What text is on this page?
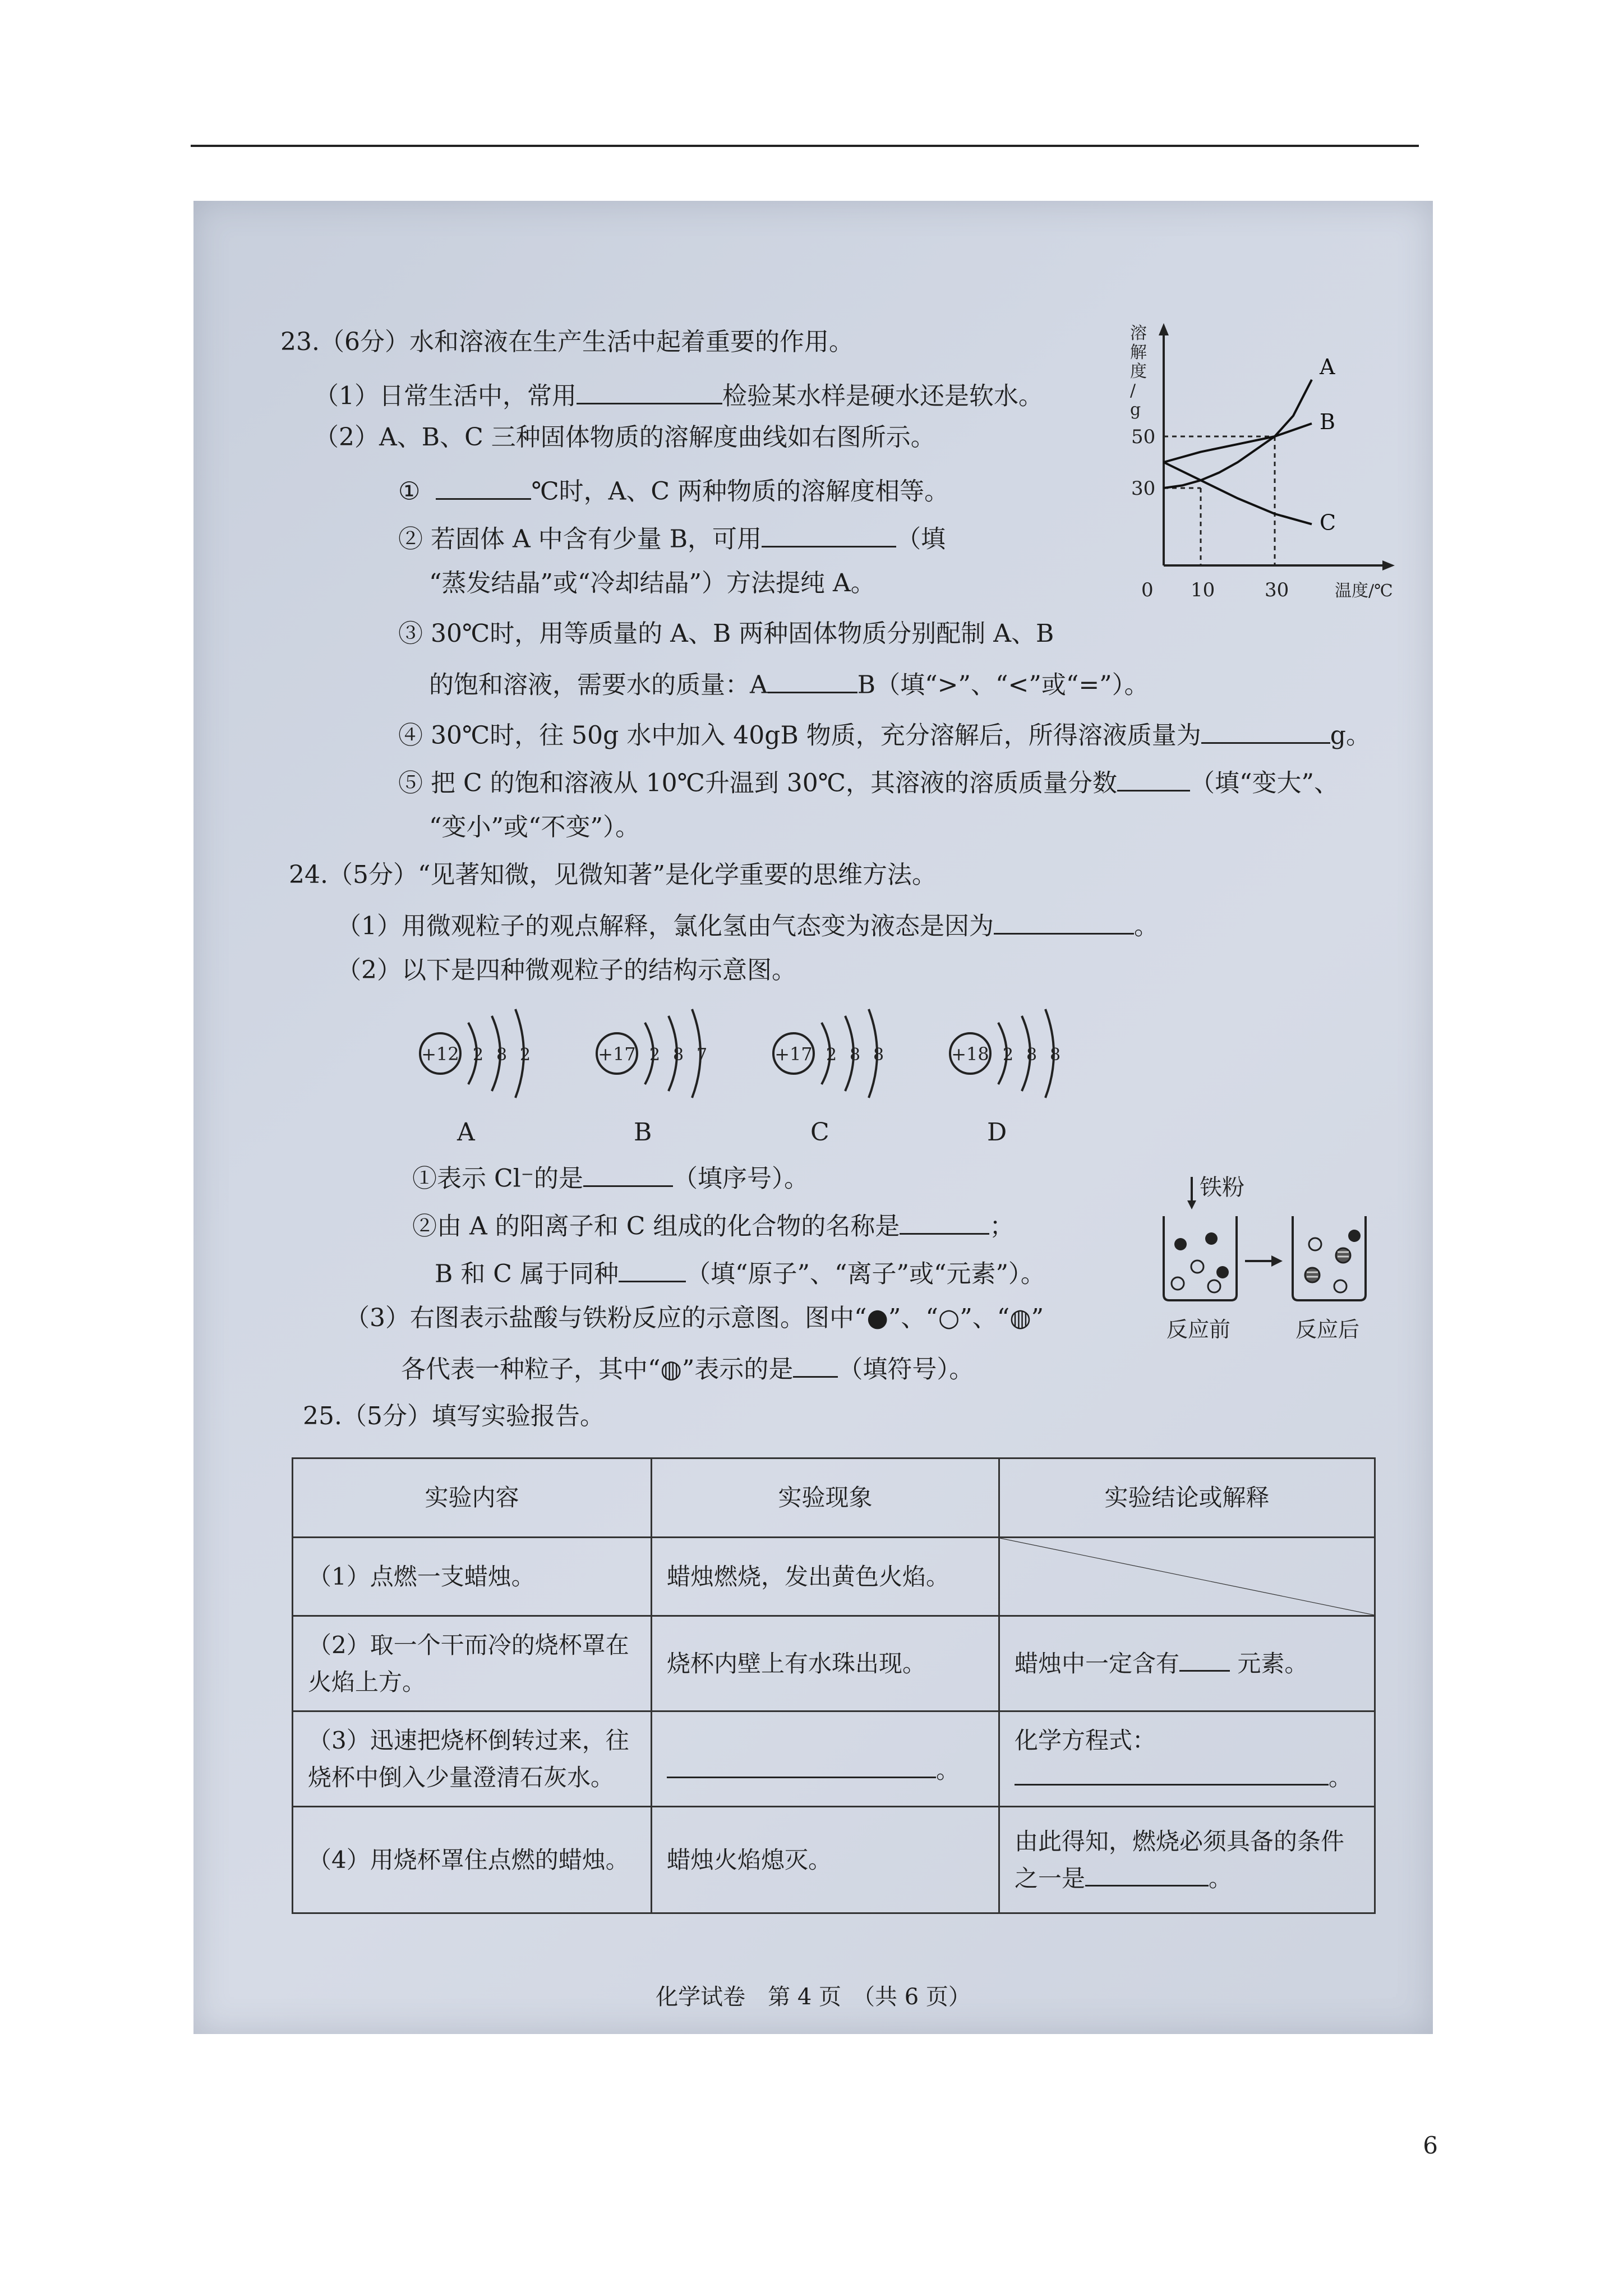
23.（6分）水和溶液在生产生活中起着重要的作用。
（1）日常生活中，常用	检验某水样是硬水还是软水。
（2）A、B、C 三种固体物质的溶解度曲线如右图所示。
①	℃时，A、C 两种物质的溶解度相等。
② 若固体 A 中含有少量 B，可用	（填
“蒸发结晶”或“冷却结晶”）方法提纯 A。
③ 30℃时，用等质量的 A、B 两种固体物质分别配制 A、B
的饱和溶液，需要水的质量：A	B（填“>”、“<”或“=”）。
④ 30℃时，往 50g 水中加入 40gB 物质，充分溶解后，所得溶液质量为	g。
⑤ 把 C 的饱和溶液从 10℃升温到 30℃，其溶液的溶质质量分数	（填“变大”、
“变小”或“不变”）。
溶解度/ g
温度/℃
0 10	30
30
50
A
B
C
24.（5分）“见著知微，见微知著”是化学重要的思维方法。
（1）用微观粒子的观点解释，氯化氢由气态变为液态是因为	。
（2）以下是四种微观粒子的结构示意图。
+12 2 8 2
A
+17 2 8 7
B
+17 2 8 8
C
+18 2 8 8
D
①表示 Cl⁻的是	（填序号）。
②由 A 的阳离子和 C 组成的化合物的名称是	；
B 和 C 属于同种	（填“原子”、“离子”或“元素”）。
（3）右图表示盐酸与铁粉反应的示意图。图中“●”、“○”、“◍”
各代表一种粒子，其中“◍”表示的是 （填符号）。
铁粉
反应前	反应后
25.（5分）填写实验报告。
实验内容	实验现象	实验结论或解释
（1）点燃一支蜡烛。	蜡烛燃烧，发出黄色火焰。	

（2）取一个干而冷的烧杯罩在火焰上方。	烧杯内壁上有水珠出现。	蜡烛中一定含有 元素。
（3）迅速把烧杯倒转过来，往烧杯中倒入少量澄清石灰水。	。	化学方程式：
。

（4）用烧杯罩住点燃的蜡烛。	蜡烛火焰熄灭。	由此得知，燃烧必须具备的条件之一是 。
化学试卷　第 4 页　（共 6 页）
6
